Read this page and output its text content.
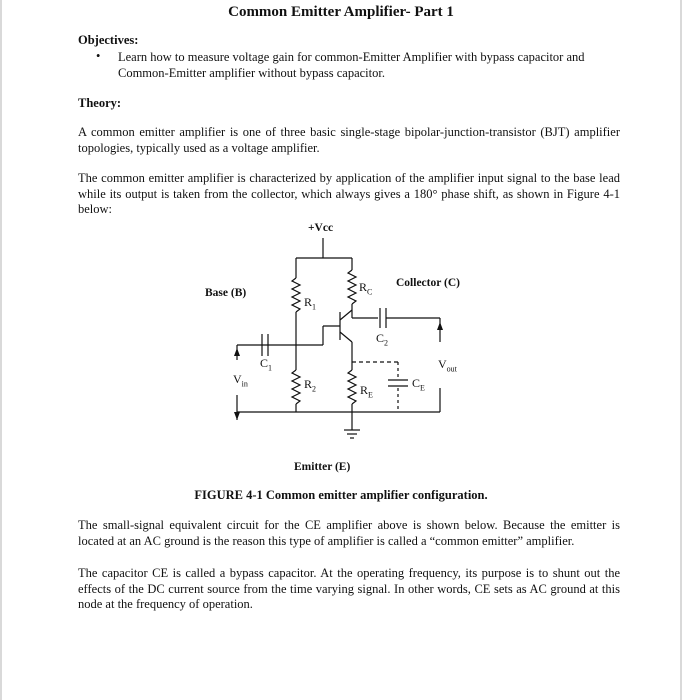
Common Emitter Amplifier- Part 1
Objectives:
• Learn how to measure voltage gain for common-Emitter Amplifier with bypass capacitor and Common-Emitter amplifier without bypass capacitor.
Theory:
A common emitter amplifier is one of three basic single-stage bipolar-junction-transistor (BJT) amplifier topologies, typically used as a voltage amplifier.
The common emitter amplifier is characterized by application of the amplifier input signal to the base lead while its output is taken from the collector, which always gives a 180° phase shift, as shown in Figure 4-1 below:
+Vcc
Base (B)
Collector (C)
$R_1$
$R_C$
$R_2$	$R_E$
$C_1$
$C_2$
$C_E$
$V_{in}$
$V_{out}$
Emitter (E)
FIGURE 4-1 Common emitter amplifier configuration.
The small-signal equivalent circuit for the CE amplifier above is shown below. Because the emitter is located at an AC ground is the reason this type of amplifier is called a “common emitter” amplifier.
The capacitor CE is called a bypass capacitor. At the operating frequency, its purpose is to shunt out the effects of the DC current source from the time varying signal. In other words, CE sets as AC ground at this node at the frequency of operation.
